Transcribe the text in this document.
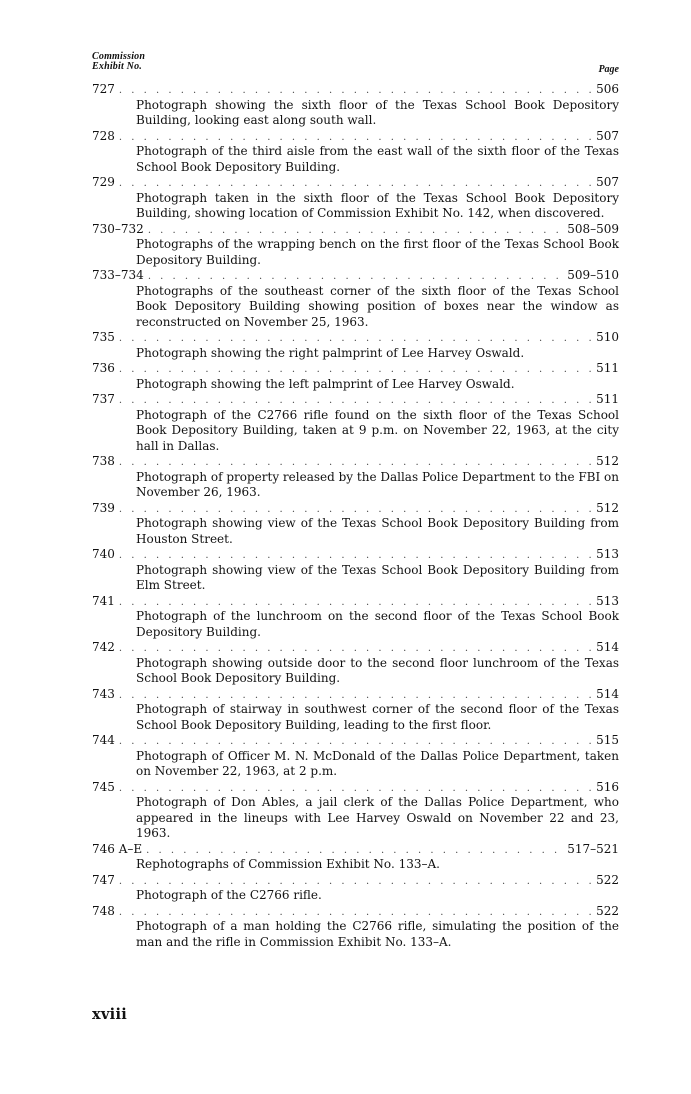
Commission
Exhibit No.	Page
727 . . .	506
Photograph showing the sixth floor of the Texas School Book Depository Building, looking east along south wall.
728 . . .	507
Photograph of the third aisle from the east wall of the sixth floor of the Texas School Book Depository Building.
729 . . .	507
Photograph taken in the sixth floor of the Texas School Book Depository Building, showing location of Commission Exhibit No. 142, when discovered.
730–732 . . .	508–509
Photographs of the wrapping bench on the first floor of the Texas School Book Depository Building.
733–734 . . .	509–510
Photographs of the southeast corner of the sixth floor of the Texas School Book Depository Building showing position of boxes near the window as reconstructed on November 25, 1963.
735 . . .	510
Photograph showing the right palmprint of Lee Harvey Oswald.
736 . . .	511
Photograph showing the left palmprint of Lee Harvey Oswald.
737 . . .	511
Photograph of the C2766 rifle found on the sixth floor of the Texas School Book Depository Building, taken at 9 p.m. on November 22, 1963, at the city hall in Dallas.
738 . . .	512
Photograph of property released by the Dallas Police Department to the FBI on November 26, 1963.
739 . . .	512
Photograph showing view of the Texas School Book Depository Building from Houston Street.
740 . . .	513
Photograph showing view of the Texas School Book Depository Building from Elm Street.
741 . . .	513
Photograph of the lunchroom on the second floor of the Texas School Book Depository Building.
742 . . .	514
Photograph showing outside door to the second floor lunchroom of the Texas School Book Depository Building.
743 . . .	514
Photograph of stairway in southwest corner of the second floor of the Texas School Book Depository Building, leading to the first floor.
744 . . .	515
Photograph of Officer M. N. McDonald of the Dallas Police Department, taken on November 22, 1963, at 2 p.m.
745 . . .	516
Photograph of Don Ables, a jail clerk of the Dallas Police Department, who appeared in the lineups with Lee Harvey Oswald on November 22 and 23, 1963.
746 A–E . . .	517–521
Rephotographs of Commission Exhibit No. 133–A.
747 . . .	522
Photograph of the C2766 rifle.
748 . . .	522
Photograph of a man holding the C2766 rifle, simulating the position of the man and the rifle in Commission Exhibit No. 133–A.
xviii
